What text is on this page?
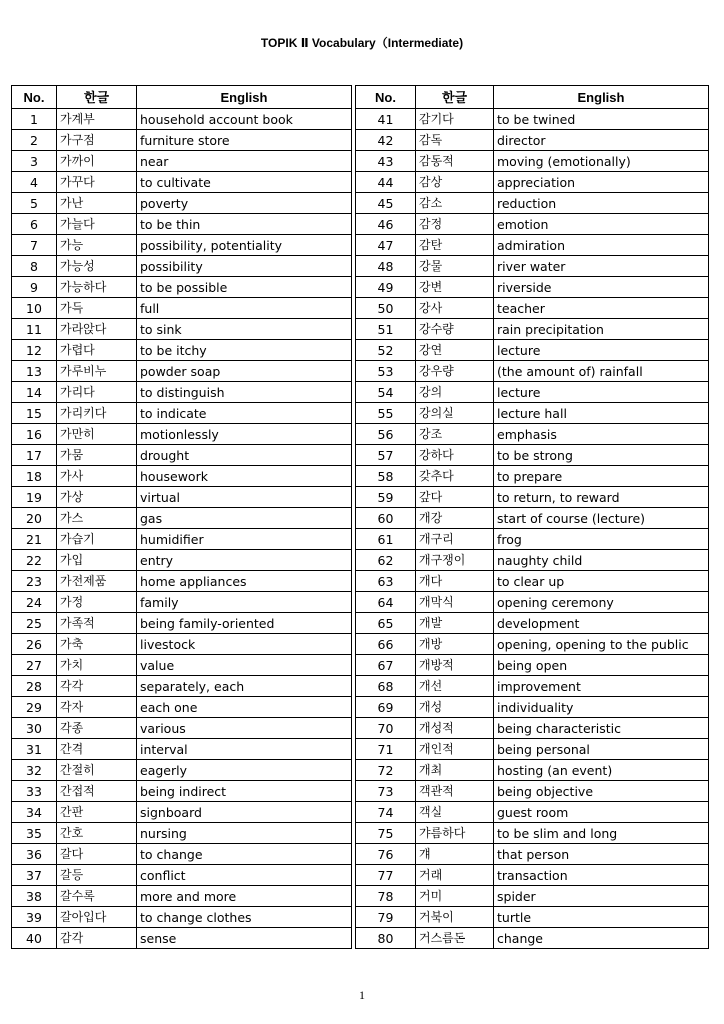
TOPIK Ⅱ Vocabulary（Intermediate)
No.	한글	English		No.	한글	English
1	가계부	household account book		41	감기다	to be twined
2	가구점	furniture store		42	감독	director
3	가까이	near		43	감동적	moving (emotionally)
4	가꾸다	to cultivate		44	감상	appreciation
5	가난	poverty		45	감소	reduction
6	가늘다	to be thin		46	감정	emotion
7	가능	possibility, potentiality		47	감탄	admiration
8	가능성	possibility		48	강물	river water
9	가능하다	to be possible		49	강변	riverside
10	가득	full		50	강사	teacher
11	가라앉다	to sink		51	강수량	rain precipitation
12	가렵다	to be itchy		52	강연	lecture
13	가루비누	powder soap		53	강우량	(the amount of) rainfall
14	가리다	to distinguish		54	강의	lecture
15	가리키다	to indicate		55	강의실	lecture hall
16	가만히	motionlessly		56	강조	emphasis
17	가뭄	drought		57	강하다	to be strong
18	가사	housework		58	갖추다	to prepare
19	가상	virtual		59	갚다	to return, to reward
20	가스	gas		60	개강	start of course (lecture)
21	가습기	humidifier		61	개구리	frog
22	가입	entry		62	개구쟁이	naughty child
23	가전제품	home appliances		63	개다	to clear up
24	가정	family		64	개막식	opening ceremony
25	가족적	being family-oriented		65	개발	development
26	가축	livestock		66	개방	opening, opening to the public
27	가치	value		67	개방적	being open
28	각각	separately, each		68	개선	improvement
29	각자	each one		69	개성	individuality
30	각종	various		70	개성적	being characteristic
31	간격	interval		71	개인적	being personal
32	간절히	eagerly		72	개최	hosting (an event)
33	간접적	being indirect		73	객관적	being objective
34	간판	signboard		74	객실	guest room
35	간호	nursing		75	갸름하다	to be slim and long
36	갈다	to change		76	걔	that person
37	갈등	conflict		77	거래	transaction
38	갈수록	more and more		78	거미	spider
39	갈아입다	to change clothes		79	거북이	turtle
40	감각	sense		80	거스름돈	change
1
